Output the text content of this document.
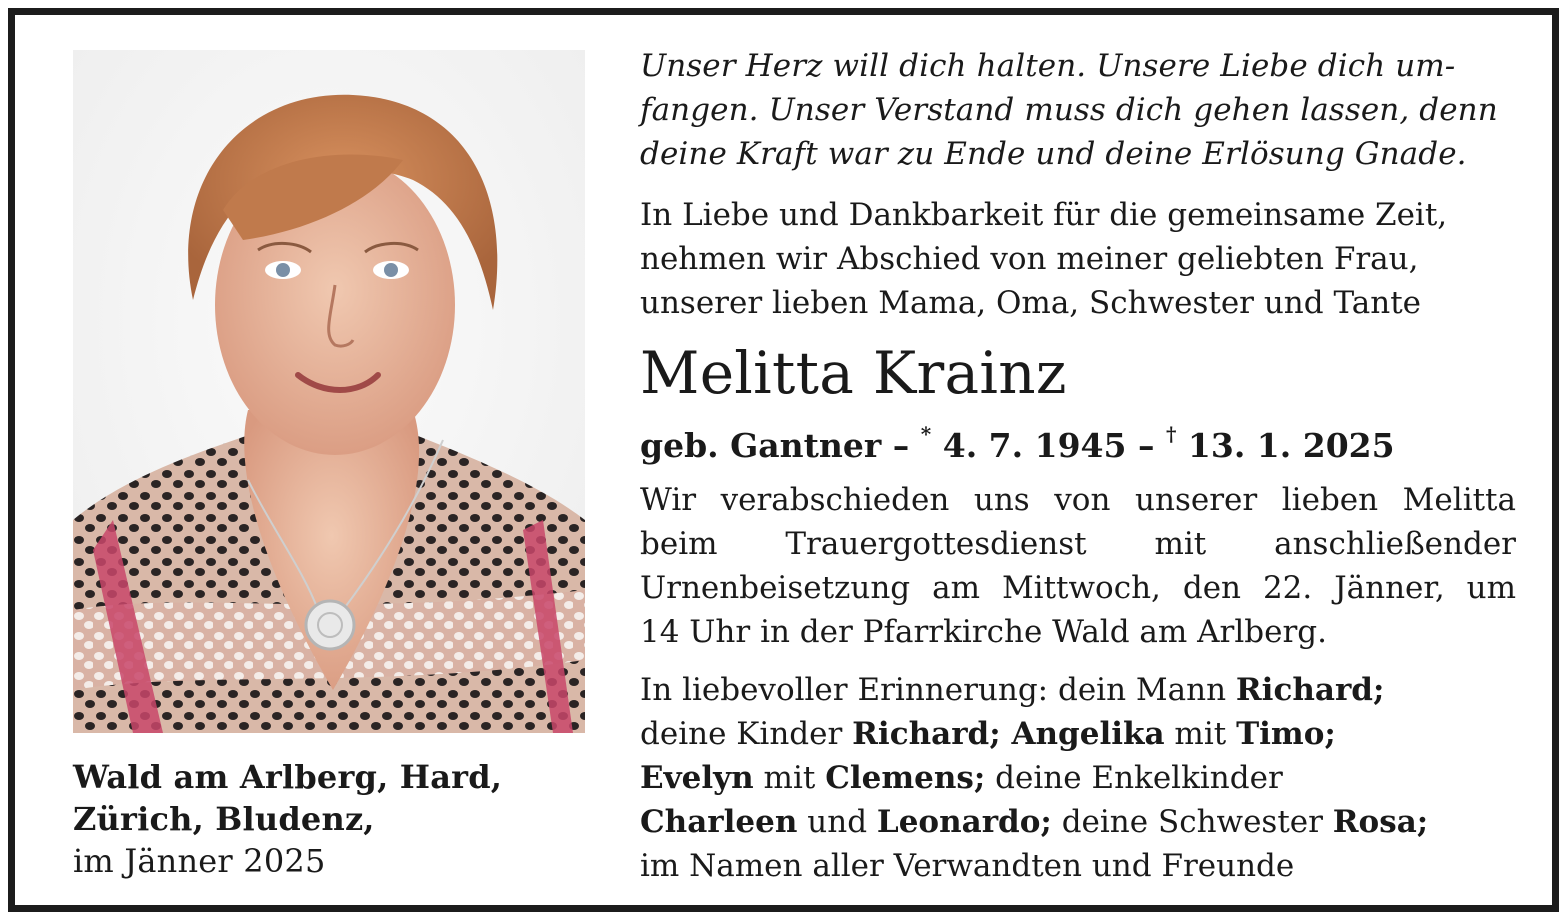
Wald am Arlberg, Hard,
Zürich, Bludenz,
im Jänner 2025
Unser Herz will dich halten. Unsere Liebe dich um-
fangen. Unser Verstand muss dich gehen lassen, denn
deine Kraft war zu Ende und deine Erlösung Gnade.
In Liebe und Dankbarkeit für die gemeinsame Zeit,
nehmen wir Abschied von meiner geliebten Frau,
unserer lieben Mama, Oma, Schwester und Tante
Melitta Krainz
geb. Gantner – * 4. 7. 1945 – † 13. 1. 2025
Wir verabschieden uns von unserer lieben Melitta
beim Trauergottesdienst mit anschließender
Urnenbeisetzung am Mittwoch, den 22. Jänner, um
14 Uhr in der Pfarrkirche Wald am Arlberg.
In liebevoller Erinnerung: dein Mann Richard;
deine Kinder Richard; Angelika mit Timo;
Evelyn mit Clemens; deine Enkelkinder
Charleen und Leonardo; deine Schwester Rosa;
im Namen aller Verwandten und Freunde
